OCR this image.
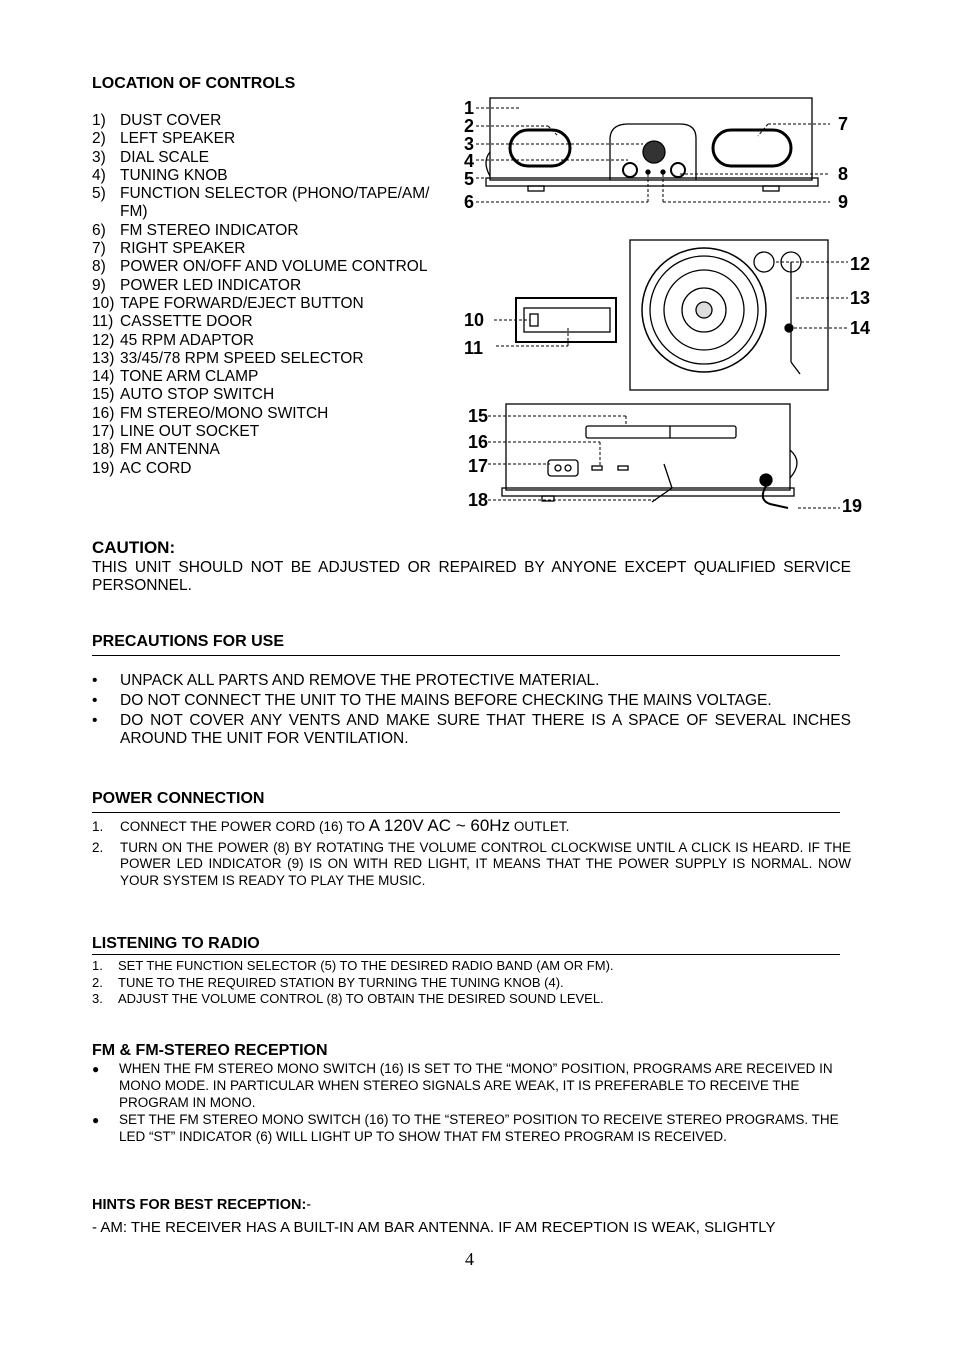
LOCATION OF CONTROLS
1) DUST COVER
2) LEFT SPEAKER
3) DIAL SCALE
4) TUNING KNOB
5) FUNCTION SELECTOR (PHONO/TAPE/AM/ FM)
6) FM STEREO INDICATOR
7) RIGHT SPEAKER
8) POWER ON/OFF AND VOLUME CONTROL
9) POWER LED INDICATOR
10) TAPE FORWARD/EJECT BUTTON
11) CASSETTE DOOR
12) 45 RPM ADAPTOR
13) 33/45/78 RPM SPEED SELECTOR
14) TONE ARM CLAMP
15) AUTO STOP SWITCH
16) FM STEREO/MONO SWITCH
17) LINE OUT SOCKET
18) FM ANTENNA
19) AC CORD
1
2
3
4
5
6
7
8
9
10
11
12
13
14
15
16
17
18	19
CAUTION:
THIS UNIT SHOULD NOT BE ADJUSTED OR REPAIRED BY ANYONE EXCEPT QUALIFIED SERVICE PERSONNEL.
PRECAUTIONS FOR USE
•	UNPACK ALL PARTS AND REMOVE THE PROTECTIVE MATERIAL.
•	DO NOT CONNECT THE UNIT TO THE MAINS BEFORE CHECKING THE MAINS VOLTAGE.
•	DO NOT COVER ANY VENTS AND MAKE SURE THAT THERE IS A SPACE OF SEVERAL INCHES AROUND THE UNIT FOR VENTILATION.
POWER CONNECTION
1.	CONNECT THE POWER CORD (16) TO A 120V AC ~ 60Hz OUTLET.
2.	TURN ON THE POWER (8) BY ROTATING THE VOLUME CONTROL CLOCKWISE UNTIL A CLICK IS HEARD. IF THE POWER LED INDICATOR (9) IS ON WITH RED LIGHT, IT MEANS THAT THE POWER SUPPLY IS NORMAL. NOW YOUR SYSTEM IS READY TO PLAY THE MUSIC.
LISTENING TO RADIO
1.	SET THE FUNCTION SELECTOR (5) TO THE DESIRED RADIO BAND (AM OR FM).
2.	TUNE TO THE REQUIRED STATION BY TURNING THE TUNING KNOB (4).
3.	ADJUST THE VOLUME CONTROL (8) TO OBTAIN THE DESIRED SOUND LEVEL.
FM & FM-STEREO RECEPTION
●	WHEN THE FM STEREO MONO SWITCH (16) IS SET TO THE “MONO” POSITION, PROGRAMS ARE RECEIVED IN MONO MODE. IN PARTICULAR WHEN STEREO SIGNALS ARE WEAK, IT IS PREFERABLE TO RECEIVE THE PROGRAM IN MONO.
●	SET THE FM STEREO MONO SWITCH (16) TO THE “STEREO” POSITION TO RECEIVE STEREO PROGRAMS. THE LED “ST” INDICATOR (6) WILL LIGHT UP TO SHOW THAT FM STEREO PROGRAM IS RECEIVED.
HINTS FOR BEST RECEPTION:-
- AM: THE RECEIVER HAS A BUILT-IN AM BAR ANTENNA. IF AM RECEPTION IS WEAK, SLIGHTLY
4
